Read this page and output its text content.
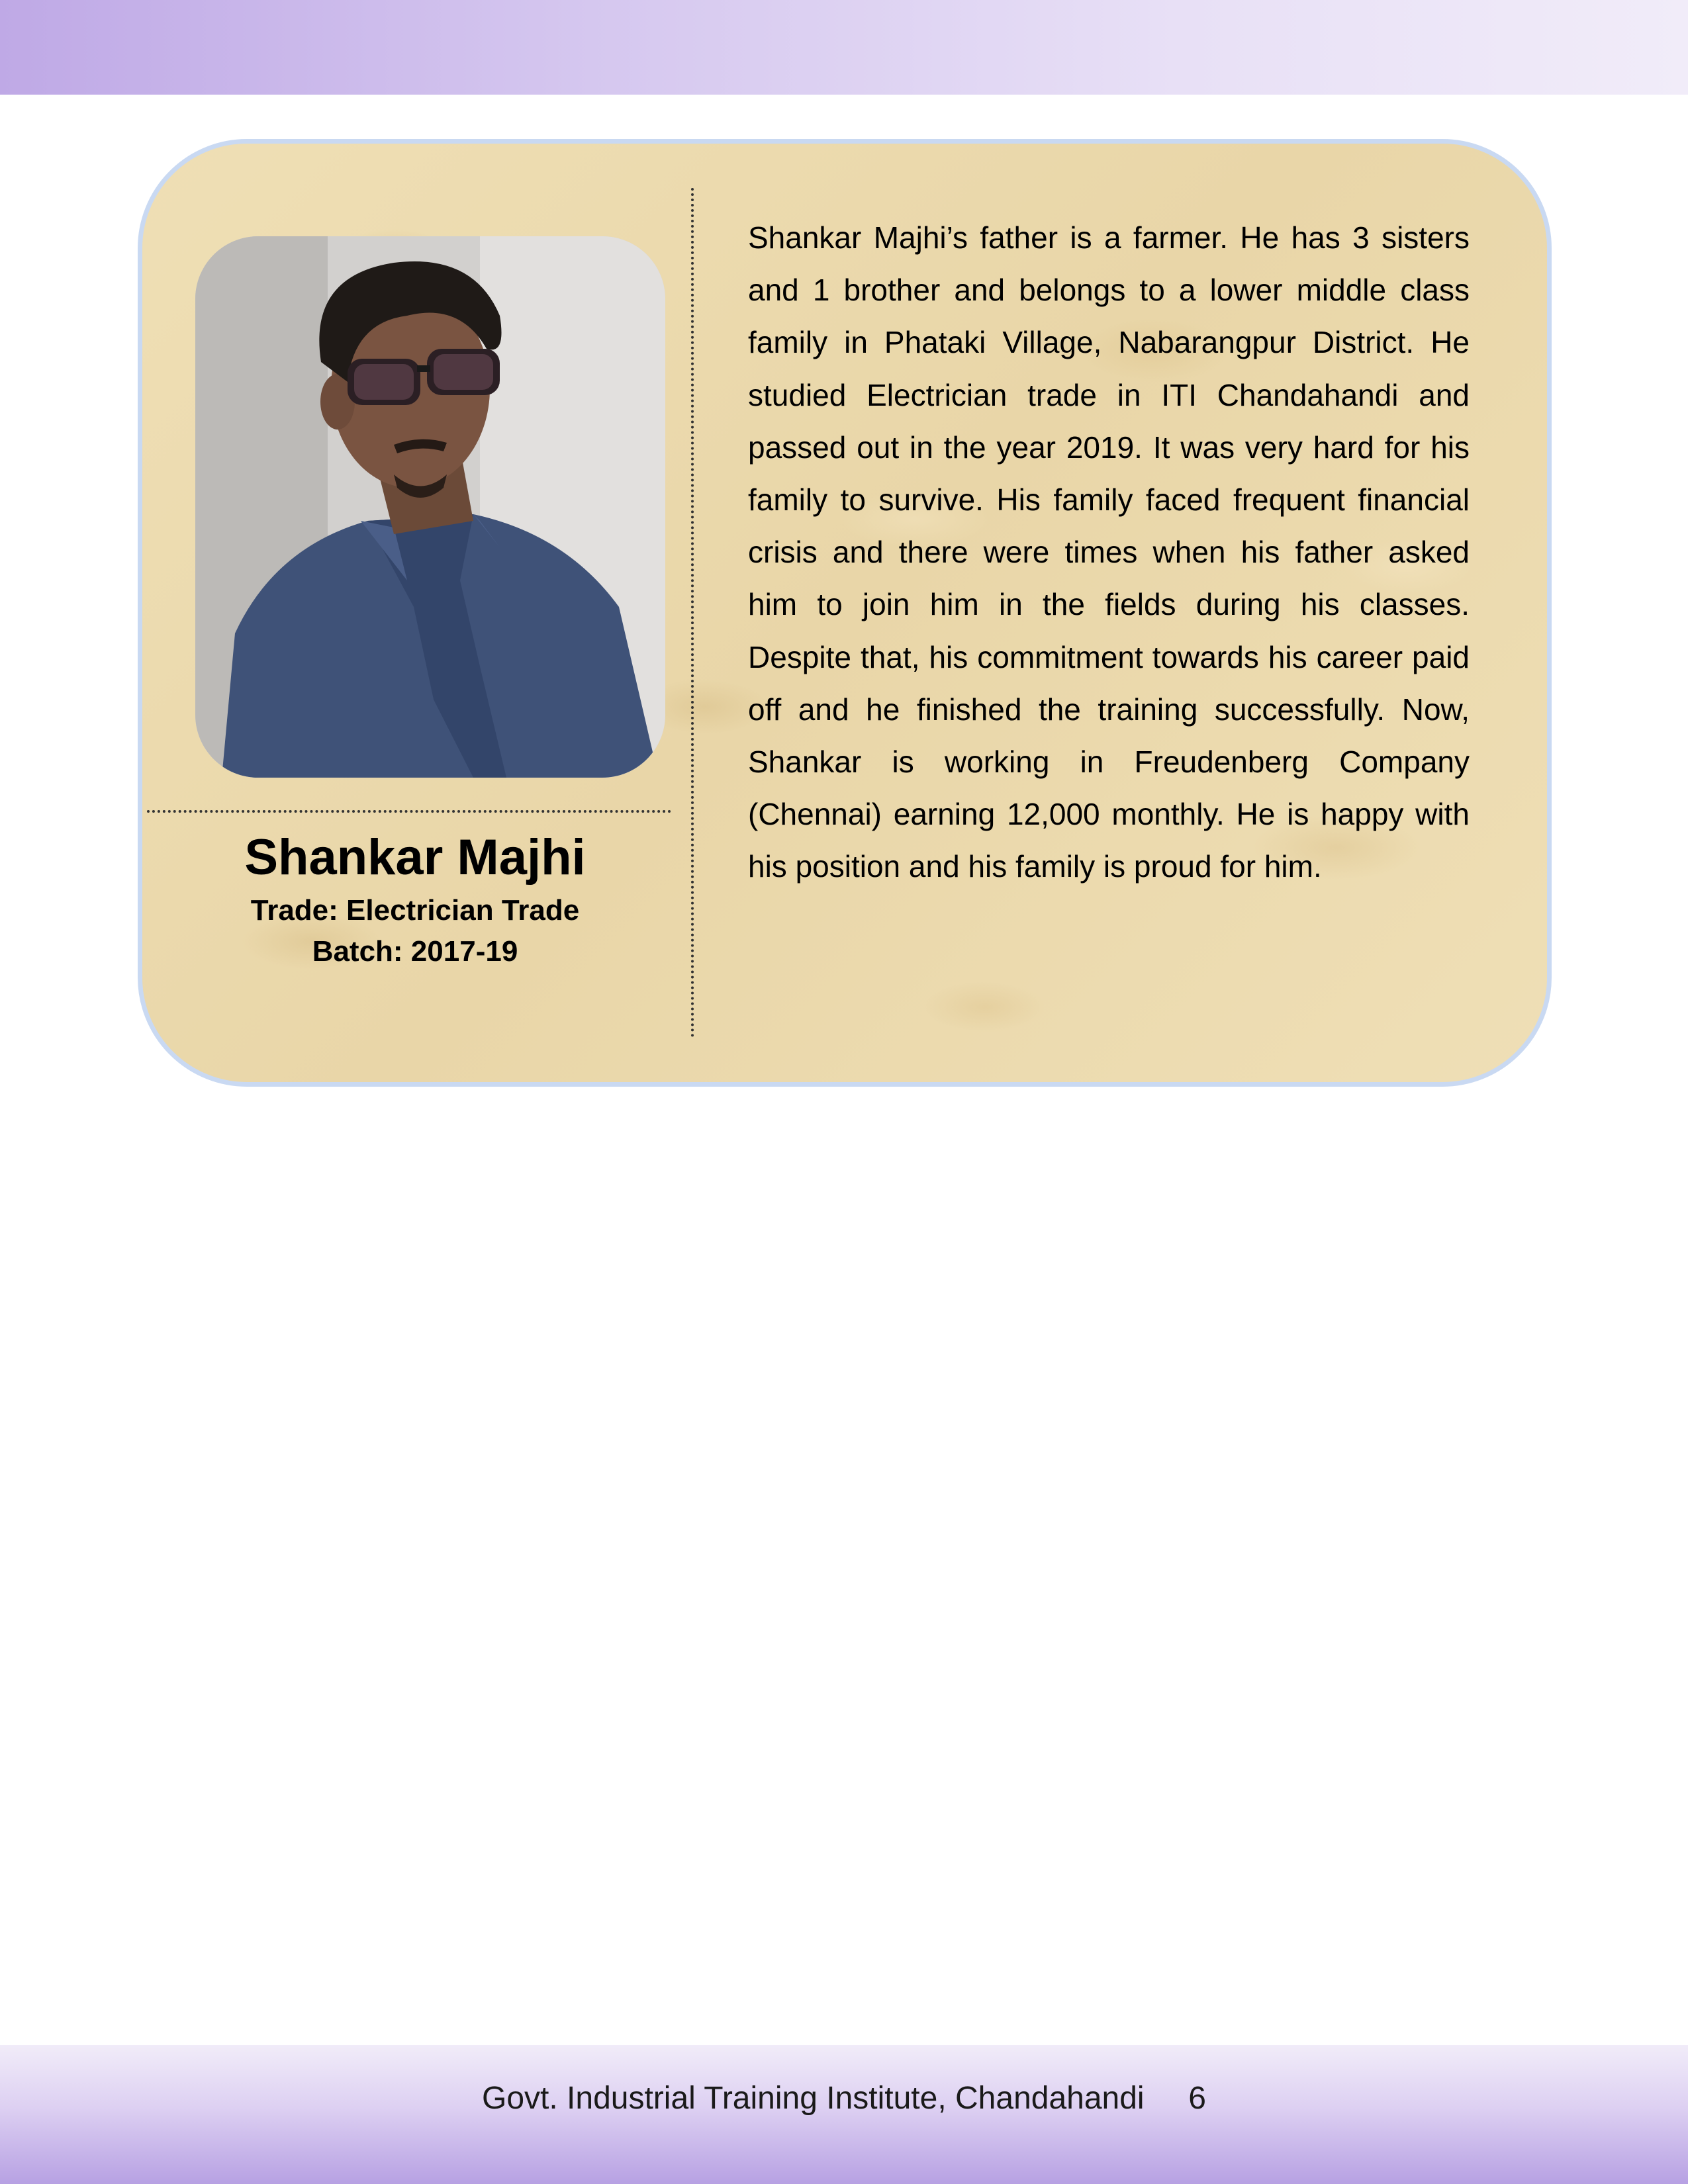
Shankar Majhi
Trade: Electrician Trade
Batch: 2017-19

Shankar Majhi’s father is a farmer. He has 3 sisters and 1 brother and belongs to a lower middle class family in Phataki Village, Nabarangpur District. He studied Electrician trade in ITI Chandahandi and passed out in the year 2019. It was very hard for his family to survive. His family faced frequent financial crisis and there were times when his father asked him to join him in the fields during his classes. Despite that, his commitment towards his career paid off and he finished the training successfully. Now, Shankar is working in Freudenberg Company (Chennai) earning 12,000 monthly. He is happy with his position and his family is proud for him.

Govt. Industrial Training Institute, Chandahandi 6
